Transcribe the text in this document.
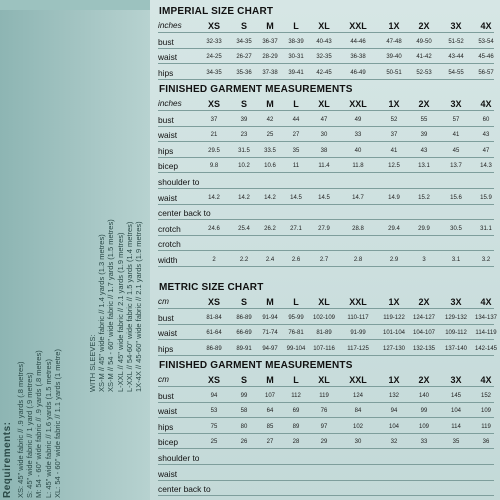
Requirements: XS: 45" wide fabric // .9 yards (.8 metres) S: 45" wide fabric // 1 yard (.9 metres) M: 54 - 60" wide fabric // .9 yards (.8 metres) L: 45" wide fabric // 1.6 yards (1.5 metres) XL: 54 - 60" wide fabric // 1.1 yards (1 metre)	WITH SLEEVES: XS-M // 45" wide fabric // 1.4 yards (1.3 metres) XS-M // 54 - 60" wide fabric // 1.7 yards (1.5 metres) L-XXL // 45" wide fabric // 2.1 yards (1.9 metres) L-XXL // 54-60" wide fabric // 1.5 yards (1.4 metres) 1X-4X // 45-60" wide fabric // 2.1 yards (1.9 metres)
IMPERIAL SIZE CHART
inches	XS S M L XL XXL 1X 2X 3X 4X
bust	32-33 34-35 36-37 38-39 40-43	44-46	47-48 49-50	51-52 53-54
waist	24-25 26-27 28-29 30-31 32-35	36-38	39-40 41-42	43-44 45-46
hips	34-35 35-36 37-38 39-41 42-45	46-49	50-51 52-53	54-55 56-57
FINISHED GARMENT MEASUREMENTS
inches	XS S M L XL XXL 1X 2X 3X 4X
bust	37	39	42	44	47	49	52	55	57	60
waist	21	23	25	27	30	33	37	39	41	43
hips	29.5	31.5 33.5	35	38	40	41	43	45	47
bicep	9.8	10.2 10.6	11	11.4	11.8	12.5	13.1	13.7	14.3
shoulder to
waist	14.2	14.2 14.2 14.5	14.5	14.7	14.9	15.2	15.6	15.9
center back to
crotch	24.6	25.4 26.2 27.1	27.9	28.8	29.4	29.9	30.5	31.1
crotch
width	2	2.2	2.4	2.6	2.7	2.8	2.9	3	3.1	3.2
METRIC SIZE CHART
cm	XS S M L XL XXL 1X 2X 3X 4X
bust	81-84 86-89 91-94 95-99 102-109 110-117 119-122 124-127 129-132 134-137
waist	61-64 66-69 71-74 76-81 81-89	91-99	101-104 104-107 109-112 114-119
hips	86-89 89-91 94-97 99-104 107-116 117-125 127-130 132-135 137-140 142-145
FINISHED GARMENT MEASUREMENTS
cm	XS S M L XL XXL 1X 2X 3X 4X
bust	94	99	107	112	119	124	132	140	145	152
waist	53	58	64	69	76	84	94	99	104	109
hips	75	80	85	89	97	102	104	109	114	119
bicep	25	26	27	28	29	30	32	33	35	36
shoulder to
waist
center back to
